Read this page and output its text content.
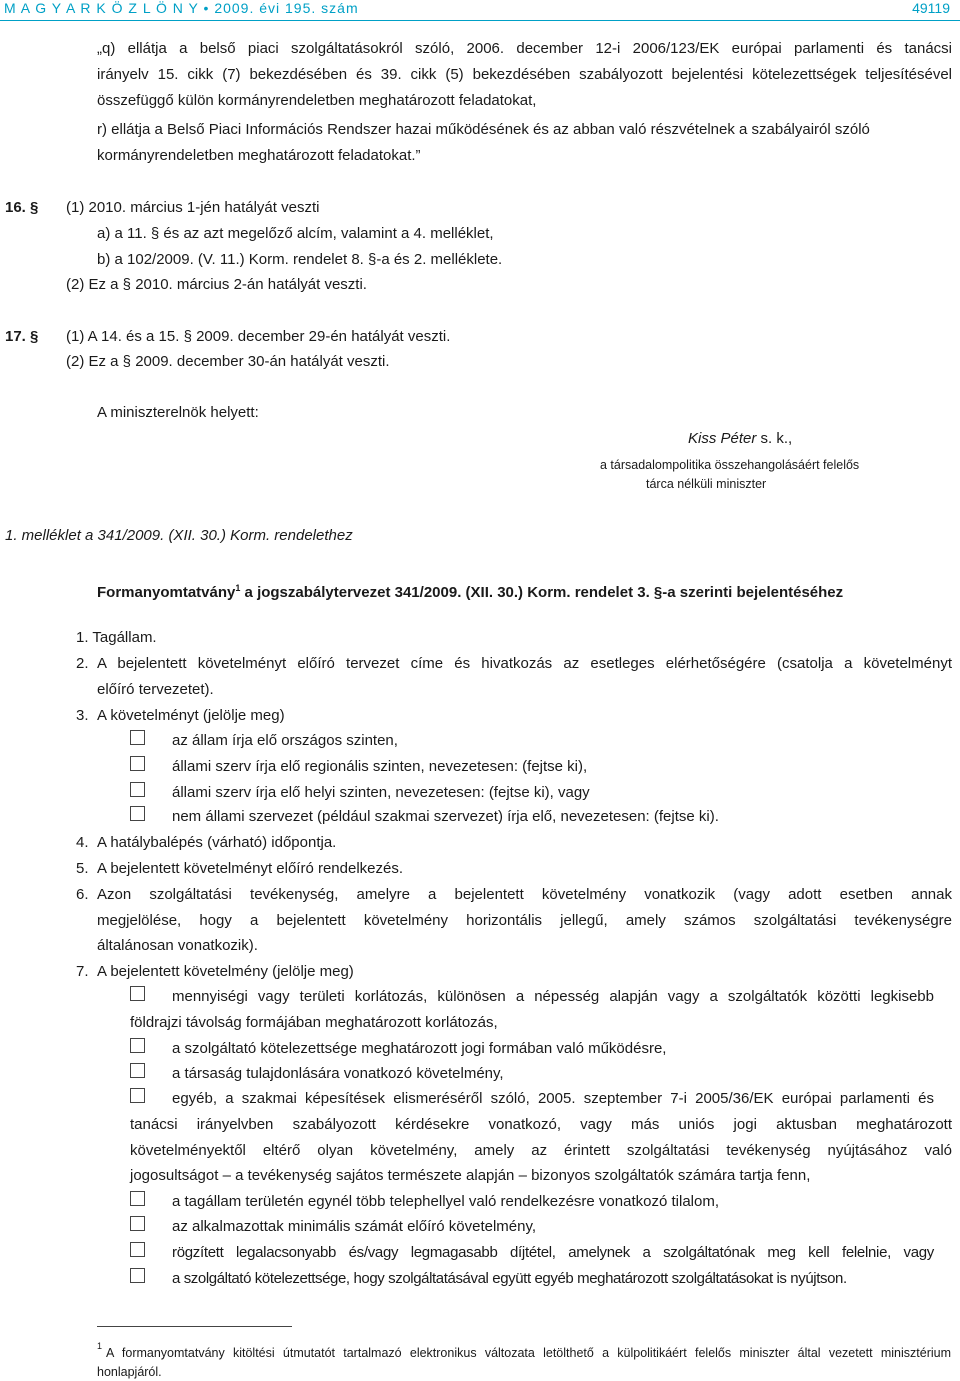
M A G Y A R K Ö Z L Ö N Y • 2009. évi 195. szám	49119
„q) ellátja a belső piaci szolgáltatásokról szóló, 2006. december 12-i 2006/123/EK európai parlamenti és tanácsi
irányelv 15. cikk (7) bekezdésében és 39. cikk (5) bekezdésében szabályozott bejelentési kötelezettségek teljesítésével
összefüggő külön kormányrendeletben meghatározott feladatokat,
r) ellátja a Belső Piaci Információs Rendszer hazai működésének és az abban való részvételnek a szabályairól szóló
kormányrendeletben meghatározott feladatokat.”
16. § (1) 2010. március 1-jén hatályát veszti
a) a 11. § és az azt megelőző alcím, valamint a 4. melléklet,
b) a 102/2009. (V. 11.) Korm. rendelet 8. §-a és 2. melléklete.
(2) Ez a § 2010. március 2-án hatályát veszti.
17. § (1) A 14. és a 15. § 2009. december 29-én hatályát veszti.
(2) Ez a § 2009. december 30-án hatályát veszti.
A miniszterelnök helyett:
Kiss Péter s. k.,
a társadalompolitika összehangolásáért felelős
tárca nélküli miniszter
1. melléklet a 341/2009. (XII. 30.) Korm. rendelethez
Formanyomtatvány$^1$ a jogszabálytervezet 341/2009. (XII. 30.) Korm. rendelet 3. §-a szerinti bejelentéséhez
1. Tagállam.
2. A bejelentett követelményt előíró tervezet címe és hivatkozás az esetleges elérhetőségére (csatolja a követelményt
előíró tervezetet).
3. A követelményt (jelölje meg)
az állam írja elő országos szinten,
állami szerv írja elő regionális szinten, nevezetesen: (fejtse ki),
állami szerv írja elő helyi szinten, nevezetesen: (fejtse ki), vagy
nem állami szervezet (például szakmai szervezet) írja elő, nevezetesen: (fejtse ki).
4. A hatálybalépés (várható) időpontja.
5. A bejelentett követelményt előíró rendelkezés.
6. Azon szolgáltatási tevékenység, amelyre a bejelentett követelmény vonatkozik (vagy adott esetben annak
megjelölése, hogy a bejelentett követelmény horizontális jellegű, amely számos szolgáltatási tevékenységre
általánosan vonatkozik).
7. A bejelentett követelmény (jelölje meg)
mennyiségi vagy területi korlátozás, különösen a népesség alapján vagy a szolgáltatók közötti legkisebb
földrajzi távolság formájában meghatározott korlátozás,
a szolgáltató kötelezettsége meghatározott jogi formában való működésre,
a társaság tulajdonlására vonatkozó követelmény,
egyéb, a szakmai képesítések elismeréséről szóló, 2005. szeptember 7-i 2005/36/EK európai parlamenti és
tanácsi irányelvben szabályozott kérdésekre vonatkozó, vagy más uniós jogi aktusban meghatározott
követelményektől eltérő olyan követelmény, amely az érintett szolgáltatási tevékenység nyújtásához való
jogosultságot – a tevékenység sajátos természete alapján – bizonyos szolgáltatók számára tartja fenn,
a tagállam területén egynél több telephellyel való rendelkezésre vonatkozó tilalom,
az alkalmazottak minimális számát előíró követelmény,
rögzített legalacsonyabb és/vagy legmagasabb díjtétel, amelynek a szolgáltatónak meg kell felelnie, vagy
a szolgáltató kötelezettsége, hogy szolgáltatásával együtt egyéb meghatározott szolgáltatásokat is nyújtson.
1 A formanyomtatvány kitöltési útmutatót tartalmazó elektronikus változata letölthető a külpolitikáért felelős miniszter által vezetett minisztérium
honlapjáról.
